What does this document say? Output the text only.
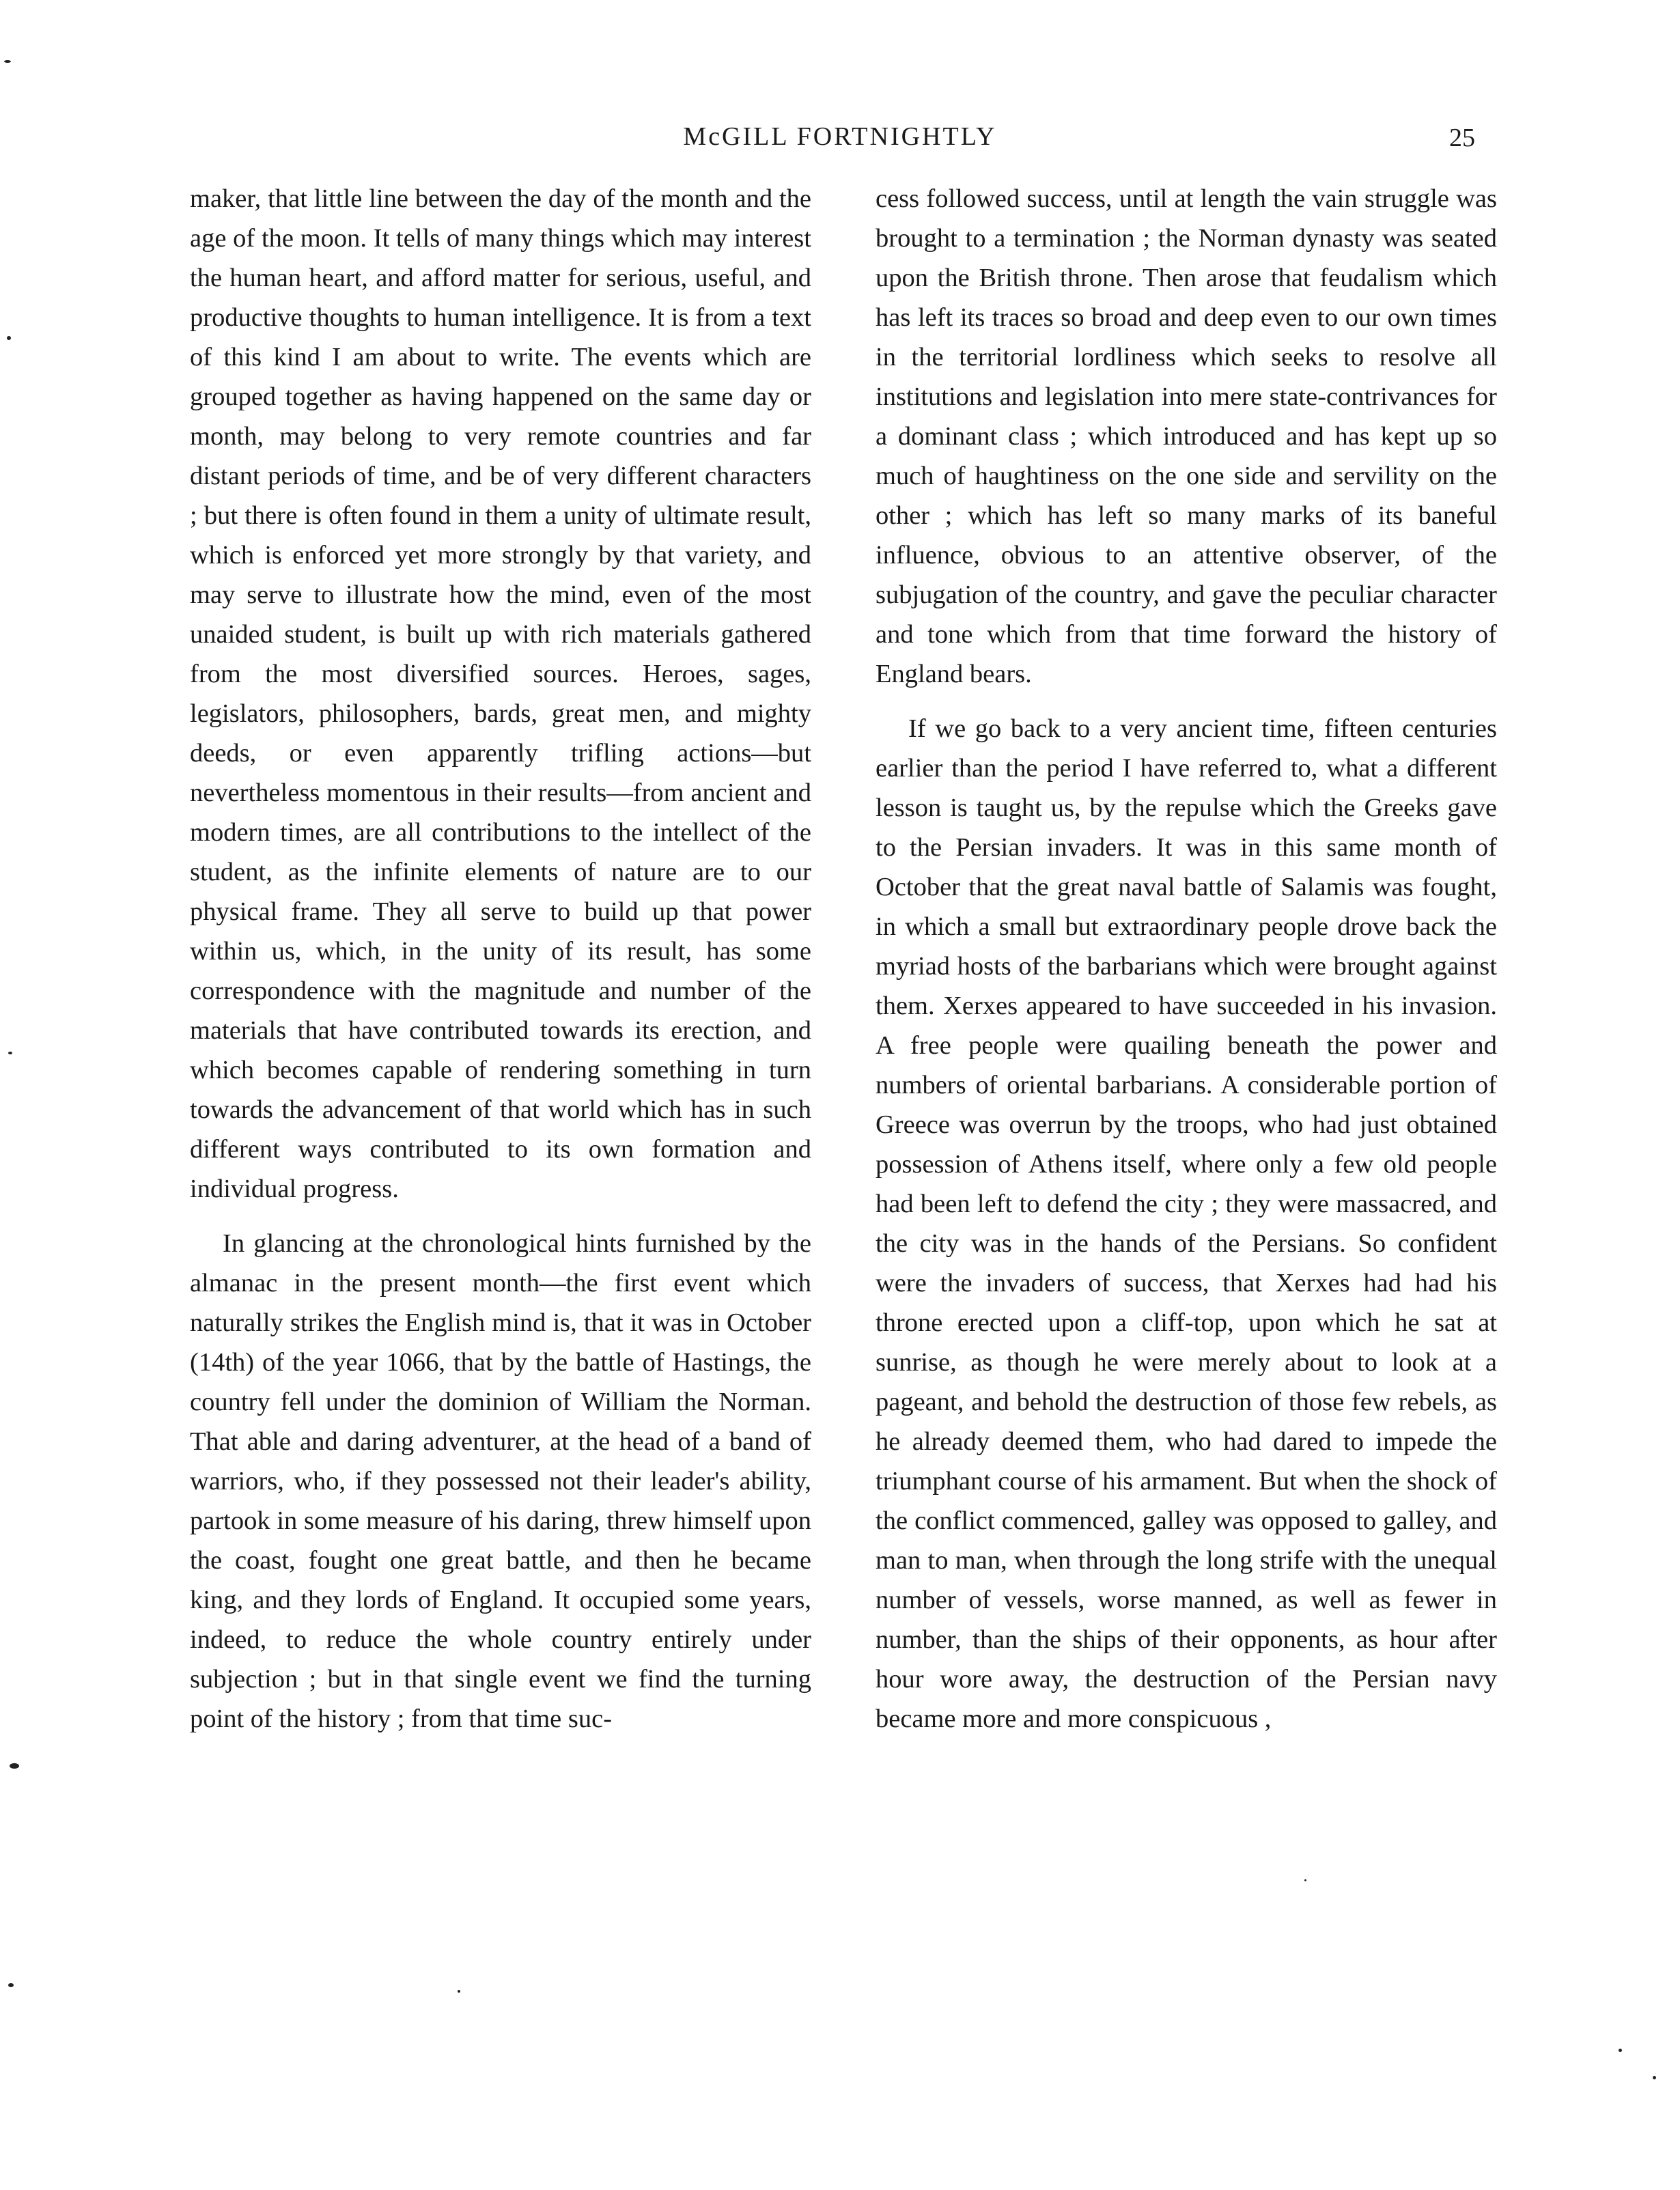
McGILL FORTNIGHTLY	25

maker, that little line between the day of the month and the age of the moon. It tells of many things which may interest the human heart, and afford matter for serious, useful, and productive thoughts to human intelligence. It is from a text of this kind I am about to write. The events which are grouped together as having happened on the same day or month, may belong to very remote countries and far distant periods of time, and be of very different characters ; but there is often found in them a unity of ultimate result, which is enforced yet more strongly by that variety, and may serve to illustrate how the mind, even of the most unaided student, is built up with rich materials gathered from the most diversified sources. Heroes, sages, legislators, philosophers, bards, great men, and mighty deeds, or even apparently trifling actions—but nevertheless momentous in their results—from ancient and modern times, are all contributions to the intellect of the student, as the infinite elements of nature are to our physical frame. They all serve to build up that power within us, which, in the unity of its result, has some correspondence with the magnitude and number of the materials that have contributed towards its erection, and which becomes capable of rendering something in turn towards the advancement of that world which has in such different ways contributed to its own formation and individual progress.

In glancing at the chronological hints furnished by the almanac in the present month—the first event which naturally strikes the English mind is, that it was in October (14th) of the year 1066, that by the battle of Hastings, the country fell under the dominion of William the Norman. That able and daring adventurer, at the head of a band of warriors, who, if they possessed not their leader's ability, partook in some measure of his daring, threw himself upon the coast, fought one great battle, and then he became king, and they lords of England. It occupied some years, indeed, to reduce the whole country entirely under subjection ; but in that single event we find the turning point of the history ; from that time suc-

cess followed success, until at length the vain struggle was brought to a termination ; the Norman dynasty was seated upon the British throne. Then arose that feudalism which has left its traces so broad and deep even to our own times in the territorial lordliness which seeks to resolve all institutions and legislation into mere state-contrivances for a dominant class ; which introduced and has kept up so much of haughtiness on the one side and servility on the other ; which has left so many marks of its baneful influence, obvious to an attentive observer, of the subjugation of the country, and gave the peculiar character and tone which from that time forward the history of England bears.

If we go back to a very ancient time, fifteen centuries earlier than the period I have referred to, what a different lesson is taught us, by the repulse which the Greeks gave to the Persian invaders. It was in this same month of October that the great naval battle of Salamis was fought, in which a small but extraordinary people drove back the myriad hosts of the barbarians which were brought against them. Xerxes appeared to have succeeded in his invasion. A free people were quailing beneath the power and numbers of oriental barbarians. A considerable portion of Greece was overrun by the troops, who had just obtained possession of Athens itself, where only a few old people had been left to defend the city ; they were massacred, and the city was in the hands of the Persians. So confident were the invaders of success, that Xerxes had had his throne erected upon a cliff-top, upon which he sat at sunrise, as though he were merely about to look at a pageant, and behold the destruction of those few rebels, as he already deemed them, who had dared to impede the triumphant course of his armament. But when the shock of the conflict commenced, galley was opposed to galley, and man to man, when through the long strife with the unequal number of vessels, worse manned, as well as fewer in number, than the ships of their opponents, as hour after hour wore away, the destruction of the Persian navy became more and more conspicuous ,
